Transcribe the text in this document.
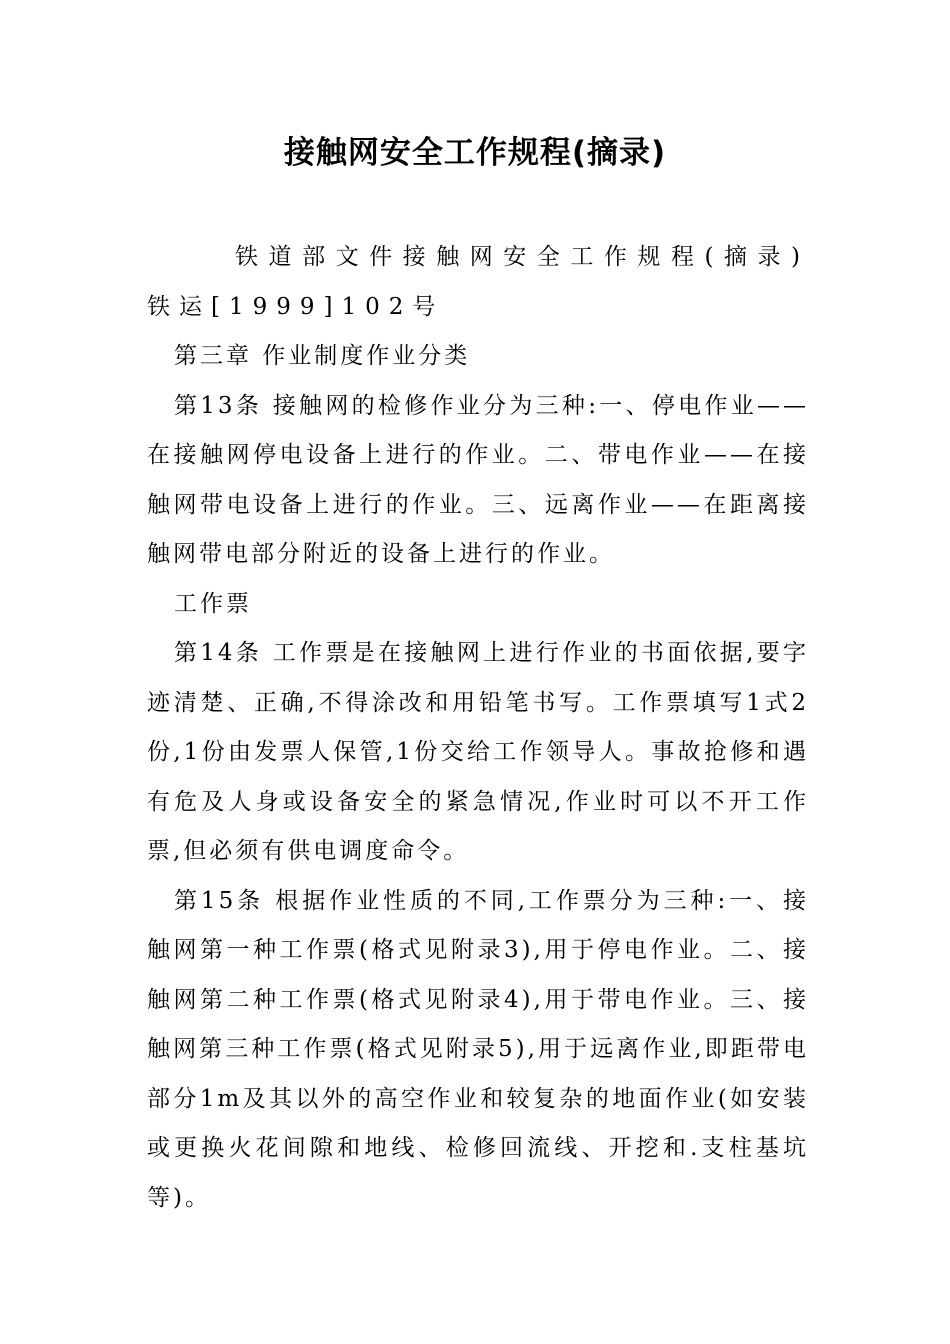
接触网安全工作规程(摘录)

铁道部文件接触网安全工作规程(摘录)铁运[1999]102号

第三章 作业制度作业分类

第13条 接触网的检修作业分为三种:一、停电作业——在接触网停电设备上进行的作业。二、带电作业——在接触网带电设备上进行的作业。三、远离作业——在距离接触网带电部分附近的设备上进行的作业。

工作票

第14条 工作票是在接触网上进行作业的书面依据,要字迹清楚、正确,不得涂改和用铅笔书写。工作票填写1式2份,1份由发票人保管,1份交给工作领导人。事故抢修和遇有危及人身或设备安全的紧急情况,作业时可以不开工作票,但必须有供电调度命令。

第15条 根据作业性质的不同,工作票分为三种:一、接触网第一种工作票(格式见附录3),用于停电作业。二、接触网第二种工作票(格式见附录4),用于带电作业。三、接触网第三种工作票(格式见附录5),用于远离作业,即距带电部分1m及其以外的高空作业和较复杂的地面作业(如安装或更换火花间隙和地线、检修回流线、开挖和.支柱基坑等)。
